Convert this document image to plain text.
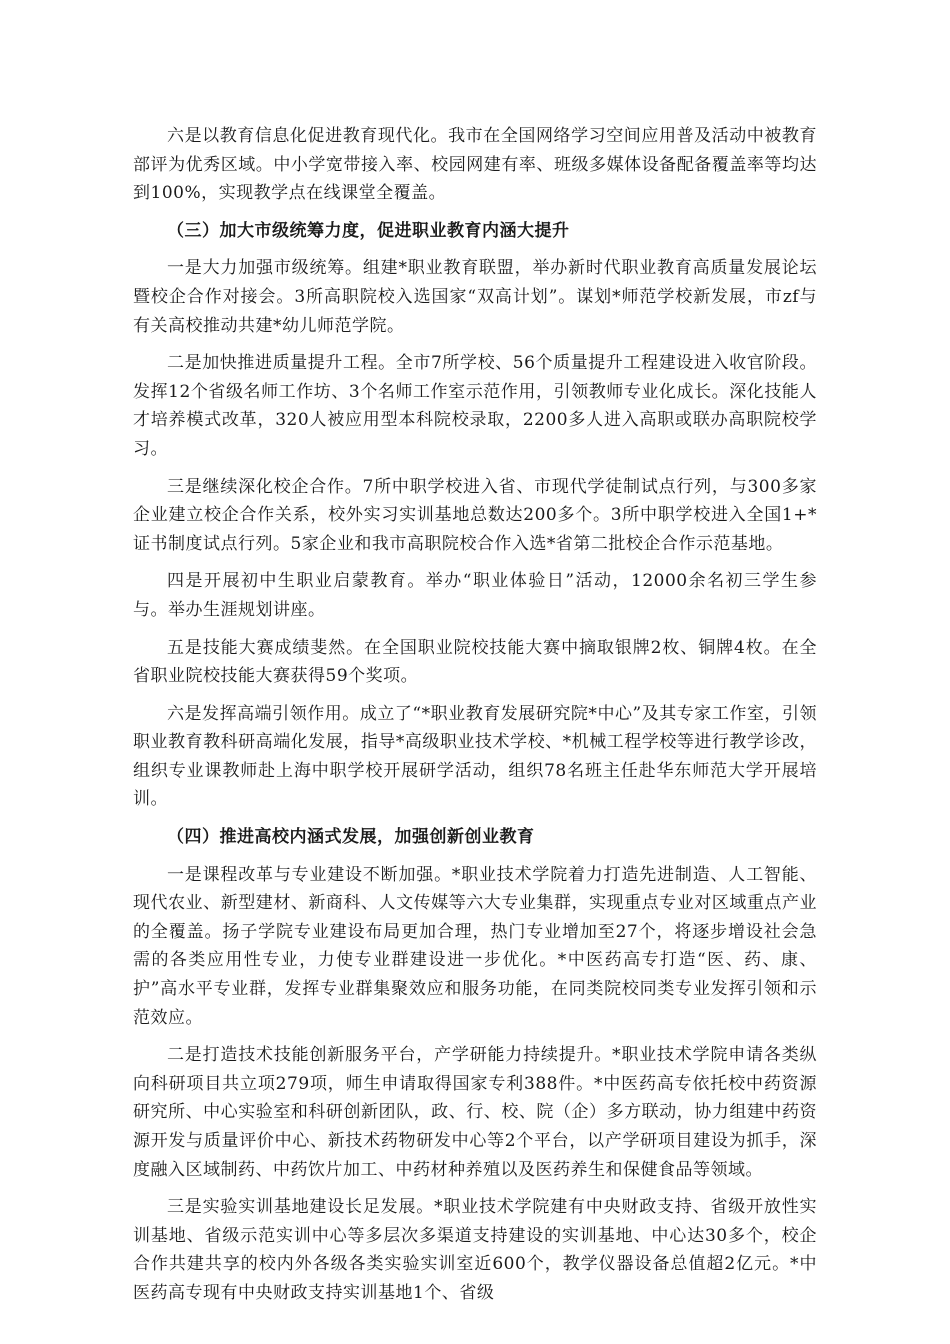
六是以教育信息化促进教育现代化。我市在全国网络学习空间应用普及活动中被教育部评为优秀区域。中小学宽带接入率、校园网建有率、班级多媒体设备配备覆盖率等均达到100%，实现教学点在线课堂全覆盖。

（三）加大市级统筹力度，促进职业教育内涵大提升

一是大力加强市级统筹。组建*职业教育联盟，举办新时代职业教育高质量发展论坛暨校企合作对接会。3所高职院校入选国家“双高计划”。谋划*师范学校新发展，市zf与有关高校推动共建*幼儿师范学院。

二是加快推进质量提升工程。全市7所学校、56个质量提升工程建设进入收官阶段。发挥12个省级名师工作坊、3个名师工作室示范作用，引领教师专业化成长。深化技能人才培养模式改革，320人被应用型本科院校录取，2200多人进入高职或联办高职院校学习。

三是继续深化校企合作。7所中职学校进入省、市现代学徒制试点行列，与300多家企业建立校企合作关系，校外实习实训基地总数达200多个。3所中职学校进入全国1+*证书制度试点行列。5家企业和我市高职院校合作入选*省第二批校企合作示范基地。

四是开展初中生职业启蒙教育。举办“职业体验日”活动，12000余名初三学生参与。举办生涯规划讲座。

五是技能大赛成绩斐然。在全国职业院校技能大赛中摘取银牌2枚、铜牌4枚。在全省职业院校技能大赛获得59个奖项。

六是发挥高端引领作用。成立了“*职业教育发展研究院*中心”及其专家工作室，引领职业教育教科研高端化发展，指导*高级职业技术学校、*机械工程学校等进行教学诊改，组织专业课教师赴上海中职学校开展研学活动，组织78名班主任赴华东师范大学开展培训。

（四）推进高校内涵式发展，加强创新创业教育

一是课程改革与专业建设不断加强。*职业技术学院着力打造先进制造、人工智能、现代农业、新型建材、新商科、人文传媒等六大专业集群，实现重点专业对区域重点产业的全覆盖。扬子学院专业建设布局更加合理，热门专业增加至27个，将逐步增设社会急需的各类应用性专业，力使专业群建设进一步优化。*中医药高专打造“医、药、康、护”高水平专业群，发挥专业群集聚效应和服务功能，在同类院校同类专业发挥引领和示范效应。

二是打造技术技能创新服务平台，产学研能力持续提升。*职业技术学院申请各类纵向科研项目共立项279项，师生申请取得国家专利388件。*中医药高专依托校中药资源研究所、中心实验室和科研创新团队，政、行、校、院（企）多方联动，协力组建中药资源开发与质量评价中心、新技术药物研发中心等2个平台，以产学研项目建设为抓手，深度融入区域制药、中药饮片加工、中药材种养殖以及医药养生和保健食品等领域。

三是实验实训基地建设长足发展。*职业技术学院建有中央财政支持、省级开放性实训基地、省级示范实训中心等多层次多渠道支持建设的实训基地、中心达30多个，校企合作共建共享的校内外各级各类实验实训室近600个，教学仪器设备总值超2亿元。*中医药高专现有中央财政支持实训基地1个、省级
